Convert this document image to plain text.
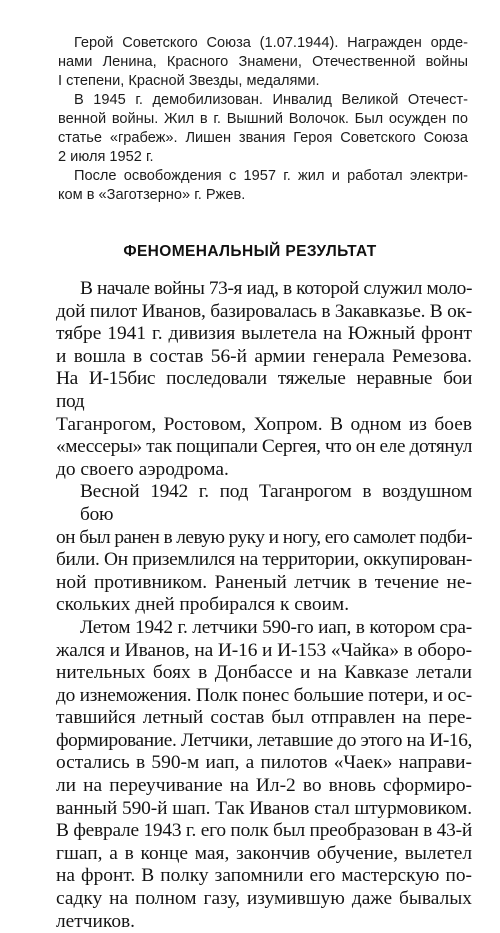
Герой Советского Союза (1.07.1944). Награжден орде-
нами Ленина, Красного Знамени, Отечественной войны
I степени, Красной Звезды, медалями.
В 1945 г. демобилизован. Инвалид Великой Отечест-
венной войны. Жил в г. Вышний Волочок. Был осужден по
статье «грабеж». Лишен звания Героя Советского Союза
2 июля 1952 г.
После освобождения с 1957 г. жил и работал электри-
ком в «Заготзерно» г. Ржев.
ФЕНОМЕНАЛЬНЫЙ РЕЗУЛЬТАТ
В начале войны 73-я иад, в которой служил моло-
дой пилот Иванов, базировалась в Закавказье. В ок-
тябре 1941 г. дивизия вылетела на Южный фронт
и вошла в состав 56-й армии генерала Ремезова.
На И-15бис последовали тяжелые неравные бои под
Таганрогом, Ростовом, Хопром. В одном из боев
«мессеры» так пощипали Сергея, что он еле дотянул
до своего аэродрома.
Весной 1942 г. под Таганрогом в воздушном бою
он был ранен в левую руку и ногу, его самолет подби-
били. Он приземлился на территории, оккупирован-
ной противником. Раненый летчик в течение не-
скольких дней пробирался к своим.
Летом 1942 г. летчики 590-го иап, в котором сра-
жался и Иванов, на И-16 и И-153 «Чайка» в оборо-
нительных боях в Донбассе и на Кавказе летали
до изнеможения. Полк понес большие потери, и ос-
тавшийся летный состав был отправлен на пере-
формирование. Летчики, летавшие до этого на И-16,
остались в 590-м иап, а пилотов «Чаек» направи-
ли на переучивание на Ил-2 во вновь сформиро-
ванный 590-й шап. Так Иванов стал штурмовиком.
В феврале 1943 г. его полк был преобразован в 43-й
гшап, а в конце мая, закончив обучение, вылетел
на фронт. В полку запомнили его мастерскую по-
садку на полном газу, изумившую даже бывалых
летчиков.
